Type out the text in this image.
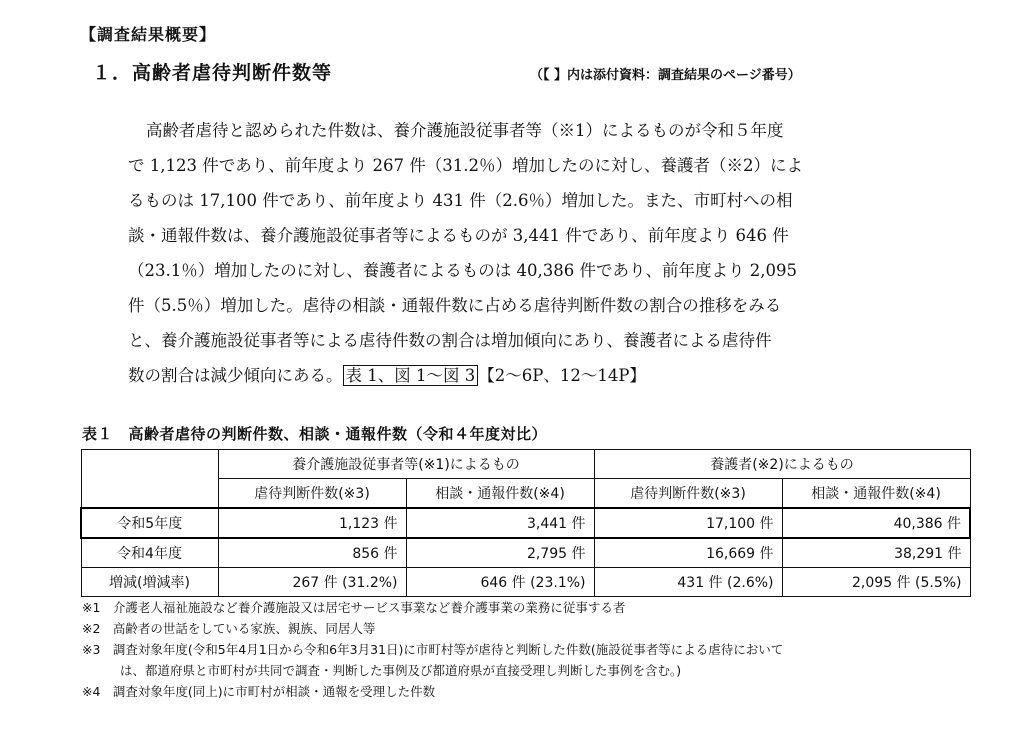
【調査結果概要】
１．高齢者虐待判断件数等	（【 】内は添付資料：調査結果のページ番号）
高齢者虐待と認められた件数は、養介護施設従事者等（※1）によるものが令和５年度
で 1,123 件であり、前年度より 267 件（31.2％）増加したのに対し、養護者（※2）によ
るものは 17,100 件であり、前年度より 431 件（2.6％）増加した。また、市町村への相
談・通報件数は、養介護施設従事者等によるものが 3,441 件であり、前年度より 646 件
（23.1％）増加したのに対し、養護者によるものは 40,386 件であり、前年度より 2,095
件（5.5％）増加した。虐待の相談・通報件数に占める虐待判断件数の割合の推移をみる
と、養介護施設従事者等による虐待件数の割合は増加傾向にあり、養護者による虐待件
数の割合は減少傾向にある。 表 1、図 1～図 3 【2～6P、12～14P】
表１　高齢者虐待の判断件数、相談・通報件数（令和４年度対比）
	養介護施設従事者等(※1)によるもの		養護者(※2)によるもの	
	虐待判断件数(※3)	相談・通報件数(※4)	虐待判断件数(※3)	相談・通報件数(※4)
令和5年度	1,123 件	3,441 件	17,100 件	40,386 件
令和4年度	856 件	2,795 件	16,669 件	38,291 件
増減(増減率)	267 件 (31.2%)	646 件 (23.1%)	431 件 (2.6%)	2,095 件 (5.5%)
※1　介護老人福祉施設など養介護施設又は居宅サービス事業など養介護事業の業務に従事する者
※2　高齢者の世話をしている家族、親族、同居人等
※3　調査対象年度(令和5年4月1日から令和6年3月31日)に市町村等が虐待と判断した件数(施設従事者等による虐待において
は、都道府県と市町村が共同で調査・判断した事例及び都道府県が直接受理し判断した事例を含む。)
※4　調査対象年度(同上)に市町村が相談・通報を受理した件数
